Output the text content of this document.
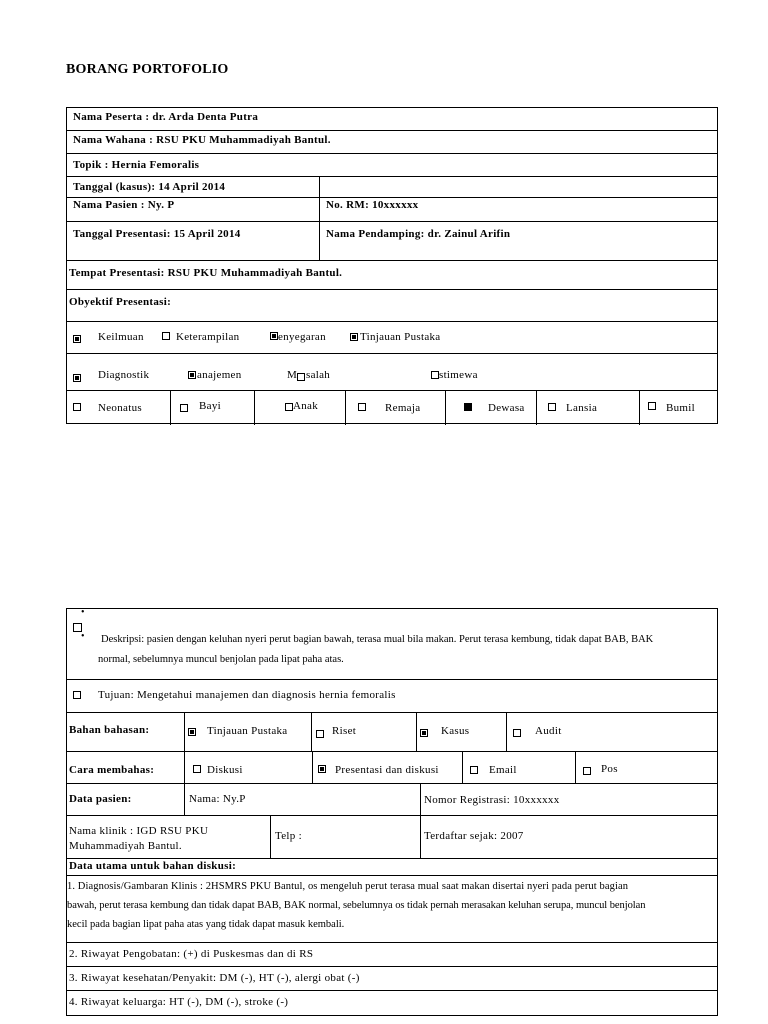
BORANG PORTOFOLIO
Nama Peserta : dr. Arda Denta Putra
Nama Wahana : RSU PKU Muhammadiyah Bantul.
Topik : Hernia Femoralis
Tanggal (kasus): 14 April 2014
Nama Pasien : Ny. P	No. RM: 10xxxxxx
Tanggal Presentasi: 15 April 2014	Nama Pendamping: dr. Zainul Arifin
Tempat Presentasi: RSU PKU Muhammadiyah Bantul.
Obyektif Presentasi:
Keilmuan	Keterampilan	enyegaran	Tinjauan Pustaka
Diagnostik	anajemen	M salah	stimewa
Neonatus	Bayi	Anak	Remaja	Dewasa	Lansia	Bumil
•
• Deskripsi: pasien dengan keluhan nyeri perut bagian bawah, terasa mual bila makan. Perut terasa kembung, tidak dapat BAB, BAK
normal, sebelumnya muncul benjolan pada lipat paha atas.
Tujuan: Mengetahui manajemen dan diagnosis hernia femoralis
Bahan bahasan:	Tinjauan Pustaka	Riset	Kasus	Audit
Cara membahas:	Diskusi	Presentasi dan diskusi	Email	Pos
Data pasien:	Nama: Ny.P	Nomor Registrasi: 10xxxxxx
Nama klinik : IGD RSU PKU
Muhammadiyah Bantul.
Telp :	Terdaftar sejak: 2007
Data utama untuk bahan diskusi:
1. Diagnosis/Gambaran Klinis : 2HSMRS PKU Bantul, os mengeluh perut terasa mual saat makan disertai nyeri pada perut bagian
bawah, perut terasa kembung dan tidak dapat BAB, BAK normal, sebelumnya os tidak pernah merasakan keluhan serupa, muncul benjolan
kecil pada bagian lipat paha atas yang tidak dapat masuk kembali.
2. Riwayat Pengobatan: (+) di Puskesmas dan di RS
3. Riwayat kesehatan/Penyakit: DM (-), HT (-), alergi obat (-)
4. Riwayat keluarga: HT (-), DM (-), stroke (-)
